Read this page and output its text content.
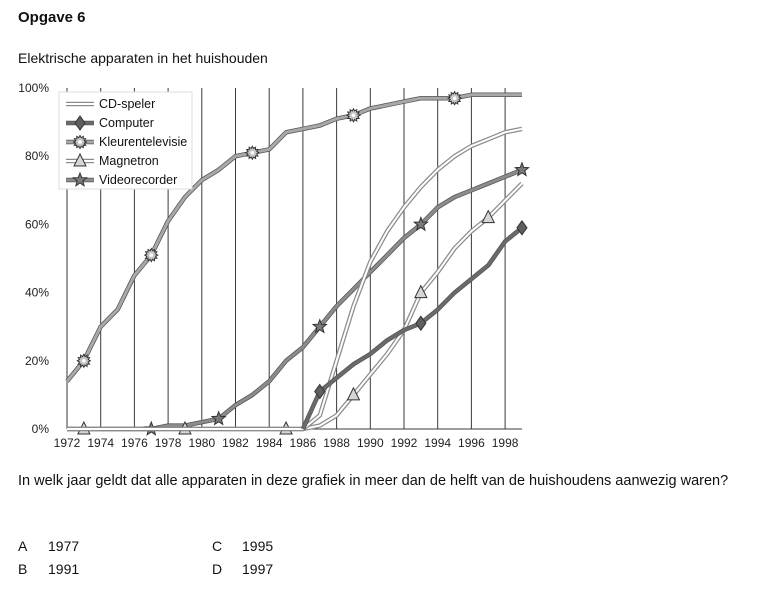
Opgave 6
Elektrische apparaten in het huishouden
1972 1974 1976 1978 1980 1982 1984 1986 1988 1990 1992 1994 1996 1998
0%
20%
40%
60%
80%
100%
CD-speler
Computer
Kleurentelevisie
Magnetron
Videorecorder
In welk jaar geldt dat alle apparaten in deze grafiek in meer dan de helft van de huishoudens aanwezig waren?
A 1977
B 1991
C 1995
D 1997
